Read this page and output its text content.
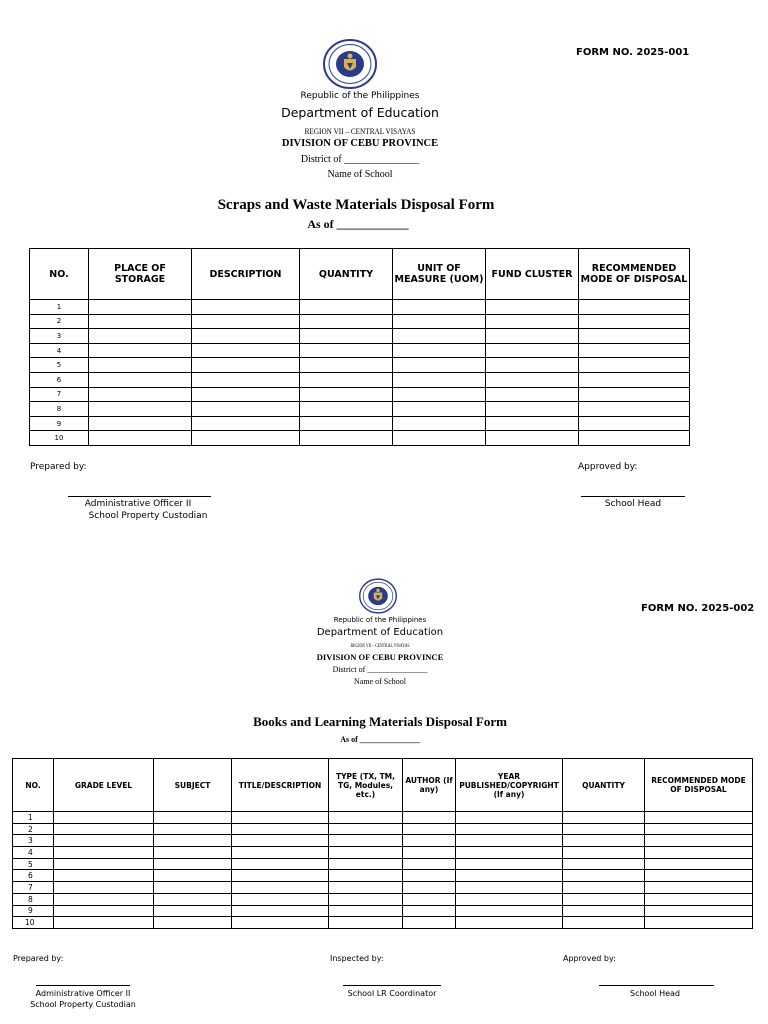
FORM NO. 2025-001
Republic of the Philippines
Department of Education
REGION VII – CENTRAL VISAYAS
DIVISION OF CEBU PROVINCE
District of _______________
Name of School
Scraps and Waste Materials Disposal Form
As of ____________
NO.	PLACE OF STORAGE	DESCRIPTION	QUANTITY	UNIT OF MEASURE (UOM)	FUND CLUSTER	RECOMMENDED MODE OF DISPOSAL
1						
2						
3						
4						
5						
6						
7						
8						
9						
10						
Prepared by:	Approved by:
Administrative Officer II
School Property Custodian
School Head
FORM NO. 2025-002
Republic of the Philippines
Department of Education
REGION VII – CENTRAL VISAYAS
DIVISION OF CEBU PROVINCE
District of _______________
Name of School
Books and Learning Materials Disposal Form
As of _______________
NO.	GRADE LEVEL	SUBJECT	TITLE/DESCRIPTION	TYPE (TX, TM, TG, Modules, etc.)	AUTHOR (If any)	YEAR PUBLISHED/COPYRIGHT (If any)	QUANTITY	RECOMMENDED MODE OF DISPOSAL
1								
2								
3								
4								
5								
6								
7								
8								
9								
10								
Prepared by:	Inspected by:	Approved by:
Administrative Officer II
School Property Custodian
School LR Coordinator	School Head
